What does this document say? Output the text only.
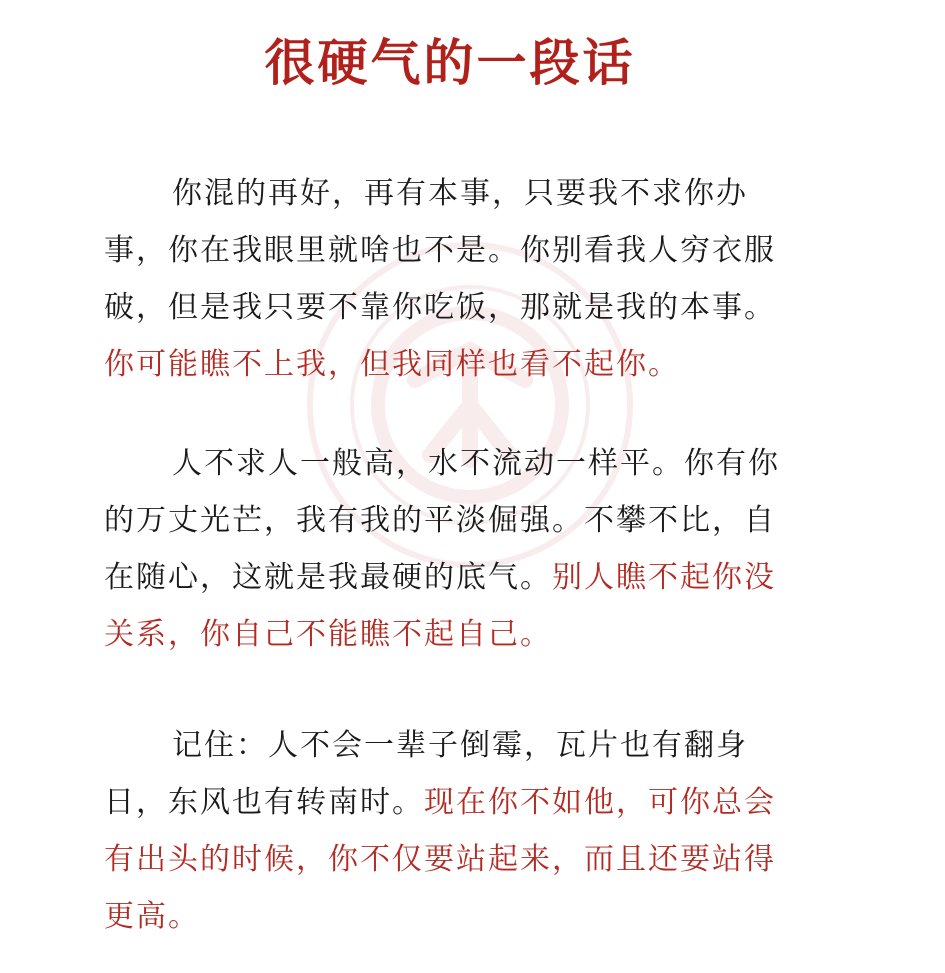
很硬气的一段话
你混的再好，再有本事，只要我不求你办事，你在我眼里就啥也不是。你别看我人穷衣服破，但是我只要不靠你吃饭，那就是我的本事。你可能瞧不上我，但我同样也看不起你。
人不求人一般高，水不流动一样平。你有你的万丈光芒，我有我的平淡倔强。不攀不比，自在随心，这就是我最硬的底气。别人瞧不起你没关系，你自己不能瞧不起自己。
记住：人不会一辈子倒霉，瓦片也有翻身日，东风也有转南时。现在你不如他，可你总会有出头的时候，你不仅要站起来，而且还要站得更高。
